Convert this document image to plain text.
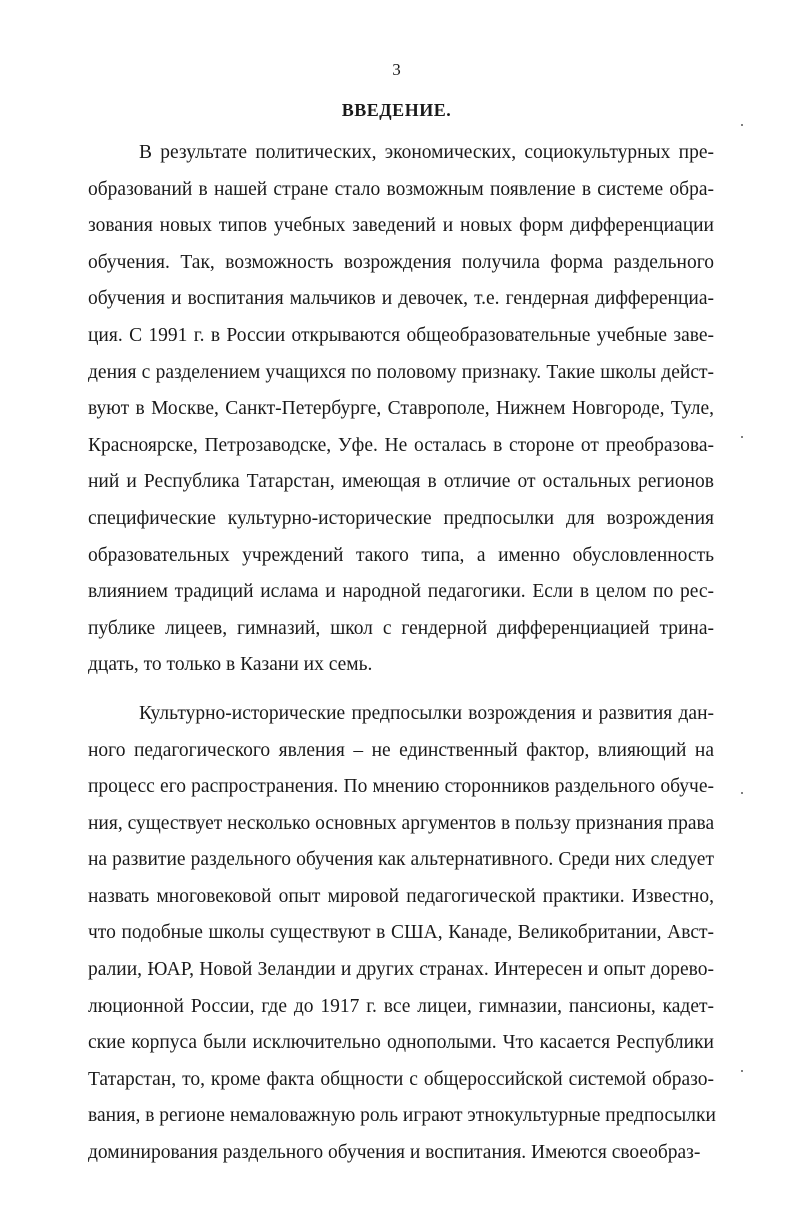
3
ВВЕДЕНИЕ.
В результате политических, экономических, социокультурных пре-
образований в нашей стране стало возможным появление в системе обра-
зования новых типов учебных заведений и новых форм дифференциации
обучения. Так, возможность возрождения получила форма раздельного
обучения и воспитания мальчиков и девочек, т.е. гендерная дифференциа-
ция. С 1991 г. в России открываются общеобразовательные учебные заве-
дения с разделением учащихся по половому признаку. Такие школы дейст-
вуют в Москве, Санкт-Петербурге, Ставрополе, Нижнем Новгороде, Туле,
Красноярске, Петрозаводске, Уфе. Не осталась в стороне от преобразова-
ний и Республика Татарстан, имеющая в отличие от остальных регионов
специфические культурно-исторические предпосылки для возрождения
образовательных учреждений такого типа, а именно обусловленность
влиянием традиций ислама и народной педагогики. Если в целом по рес-
публике лицеев, гимназий, школ с гендерной дифференциацией трина-
дцать, то только в Казани их семь.
Культурно-исторические предпосылки возрождения и развития дан-
ного педагогического явления – не единственный фактор, влияющий на
процесс его распространения. По мнению сторонников раздельного обуче-
ния, существует несколько основных аргументов в пользу признания права
на развитие раздельного обучения как альтернативного. Среди них следует
назвать многовековой опыт мировой педагогической практики. Известно,
что подобные школы существуют в США, Канаде, Великобритании, Авст-
ралии, ЮАР, Новой Зеландии и других странах. Интересен и опыт дорево-
люционной России, где до 1917 г. все лицеи, гимназии, пансионы, кадет-
ские корпуса были исключительно однополыми. Что касается Республики
Татарстан, то, кроме факта общности с общероссийской системой образо-
вания, в регионе немаловажную роль играют этнокультурные предпосылки
доминирования раздельного обучения и воспитания. Имеются своеобраз-
